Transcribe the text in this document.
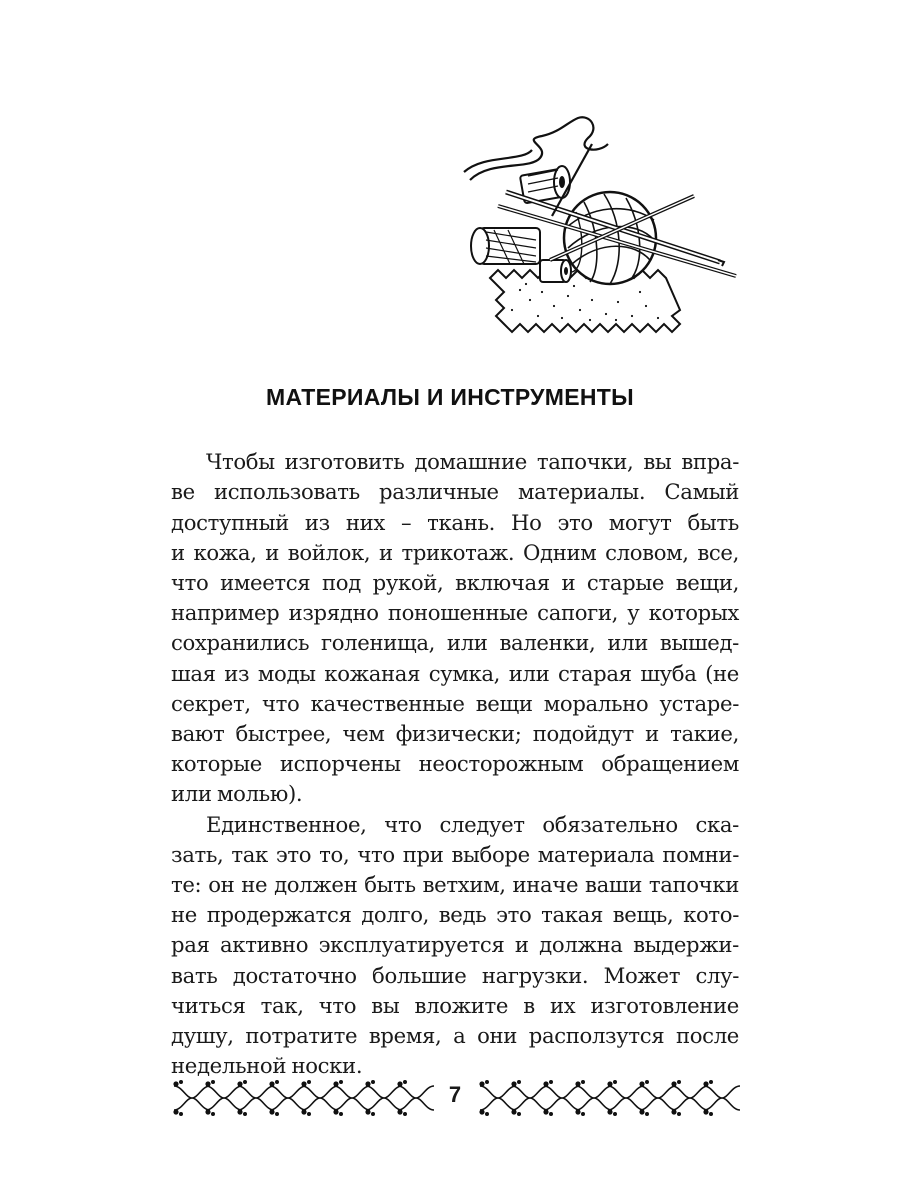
МАТЕРИАЛЫ И ИНСТРУМЕНТЫ
Чтобы изготовить домашние тапочки, вы впра-
ве использовать различные материалы. Самый
доступный из них – ткань. Но это могут быть
и кожа, и войлок, и трикотаж. Одним словом, все,
что имеется под рукой, включая и старые вещи,
например изрядно поношенные сапоги, у которых
сохранились голенища, или валенки, или вышед-
шая из моды кожаная сумка, или старая шуба (не
секрет, что качественные вещи морально устаре-
вают быстрее, чем физически; подойдут и такие,
которые испорчены неосторожным обращением
или молью).
Единственное, что следует обязательно ска-
зать, так это то, что при выборе материала помни-
те: он не должен быть ветхим, иначе ваши тапочки
не продержатся долго, ведь это такая вещь, кото-
рая активно эксплуатируется и должна выдержи-
вать достаточно большие нагрузки. Может слу-
читься так, что вы вложите в их изготовление
душу, потратите время, а они расползутся после
недельной носки.
7
